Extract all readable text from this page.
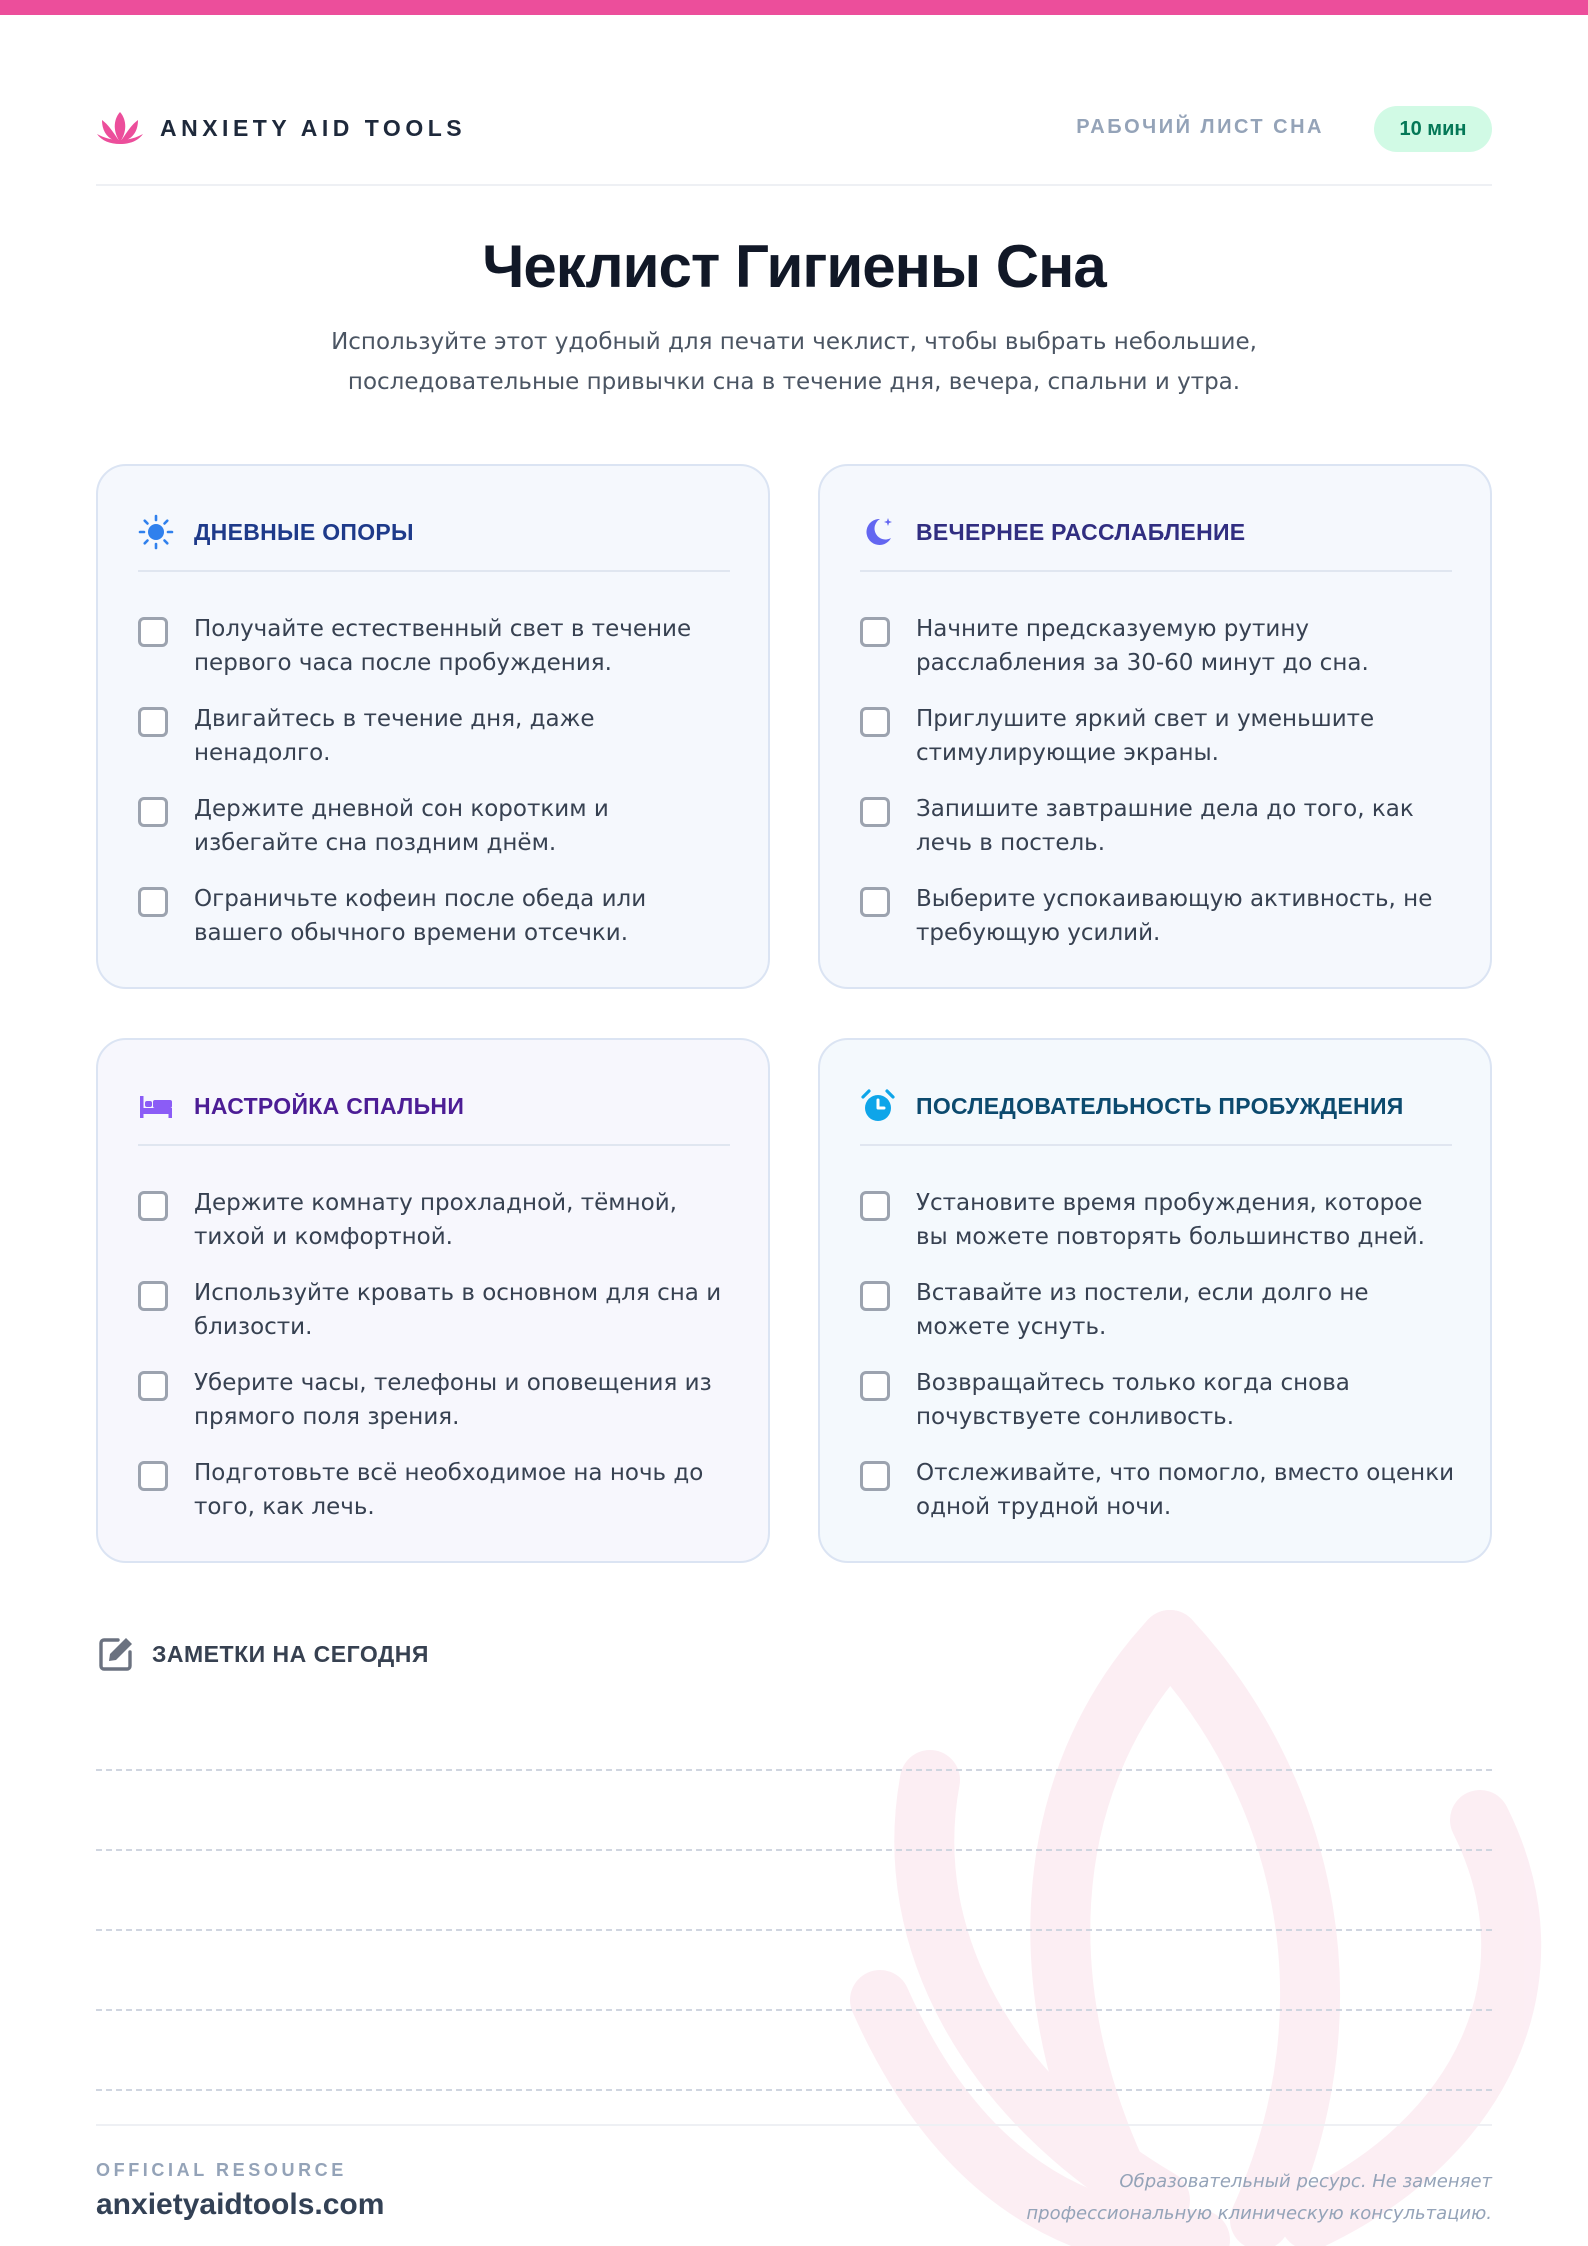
ANXIETY AID TOOLS	РАБОЧИЙ ЛИСТ СНА	10 мин
Чеклист Гигиены Сна

Используйте этот удобный для печати чеклист, чтобы выбрать небольшие, последовательные привычки сна в течение дня, вечера, спальни и утра.

ДНЕВНЫЕ ОПОРЫ
Получайте естественный свет в течение первого часа после пробуждения.
Двигайтесь в течение дня, даже ненадолго.
Держите дневной сон коротким и избегайте сна поздним днём.
Ограничьте кофеин после обеда или вашего обычного времени отсечки.
ВЕЧЕРНЕЕ РАССЛАБЛЕНИЕ
Начните предсказуемую рутину расслабления за 30-60 минут до сна.
Приглушите яркий свет и уменьшите стимулирующие экраны.
Запишите завтрашние дела до того, как лечь в постель.
Выберите успокаивающую активность, не требующую усилий.
НАСТРОЙКА СПАЛЬНИ
Держите комнату прохладной, тёмной, тихой и комфортной.
Используйте кровать в основном для сна и близости.
Уберите часы, телефоны и оповещения из прямого поля зрения.
Подготовьте всё необходимое на ночь до того, как лечь.
ПОСЛЕДОВАТЕЛЬНОСТЬ ПРОБУЖДЕНИЯ
Установите время пробуждения, которое вы можете повторять большинство дней.
Вставайте из постели, если долго не можете уснуть.
Возвращайтесь только когда снова почувствуете сонливость.
Отслеживайте, что помогло, вместо оценки одной трудной ночи.
ЗАМЕТКИ НА СЕГОДНЯ
OFFICIAL RESOURCE
anxietyaidtools.com
Образовательный ресурс. Не заменяет профессиональную клиническую консультацию.
